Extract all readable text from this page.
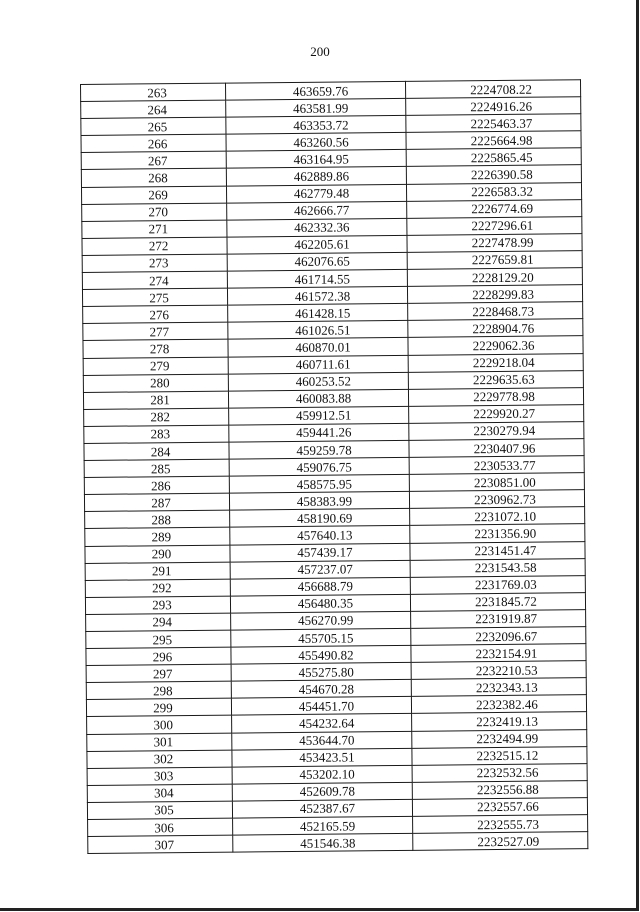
200
263	463659.76	2224708.22
264	463581.99	2224916.26
265	463353.72	2225463.37
266	463260.56	2225664.98
267	463164.95	2225865.45
268	462889.86	2226390.58
269	462779.48	2226583.32
270	462666.77	2226774.69
271	462332.36	2227296.61
272	462205.61	2227478.99
273	462076.65	2227659.81
274	461714.55	2228129.20
275	461572.38	2228299.83
276	461428.15	2228468.73
277	461026.51	2228904.76
278	460870.01	2229062.36
279	460711.61	2229218.04
280	460253.52	2229635.63
281	460083.88	2229778.98
282	459912.51	2229920.27
283	459441.26	2230279.94
284	459259.78	2230407.96
285	459076.75	2230533.77
286	458575.95	2230851.00
287	458383.99	2230962.73
288	458190.69	2231072.10
289	457640.13	2231356.90
290	457439.17	2231451.47
291	457237.07	2231543.58
292	456688.79	2231769.03
293	456480.35	2231845.72
294	456270.99	2231919.87
295	455705.15	2232096.67
296	455490.82	2232154.91
297	455275.80	2232210.53
298	454670.28	2232343.13
299	454451.70	2232382.46
300	454232.64	2232419.13
301	453644.70	2232494.99
302	453423.51	2232515.12
303	453202.10	2232532.56
304	452609.78	2232556.88
305	452387.67	2232557.66
306	452165.59	2232555.73
307	451546.38	2232527.09
